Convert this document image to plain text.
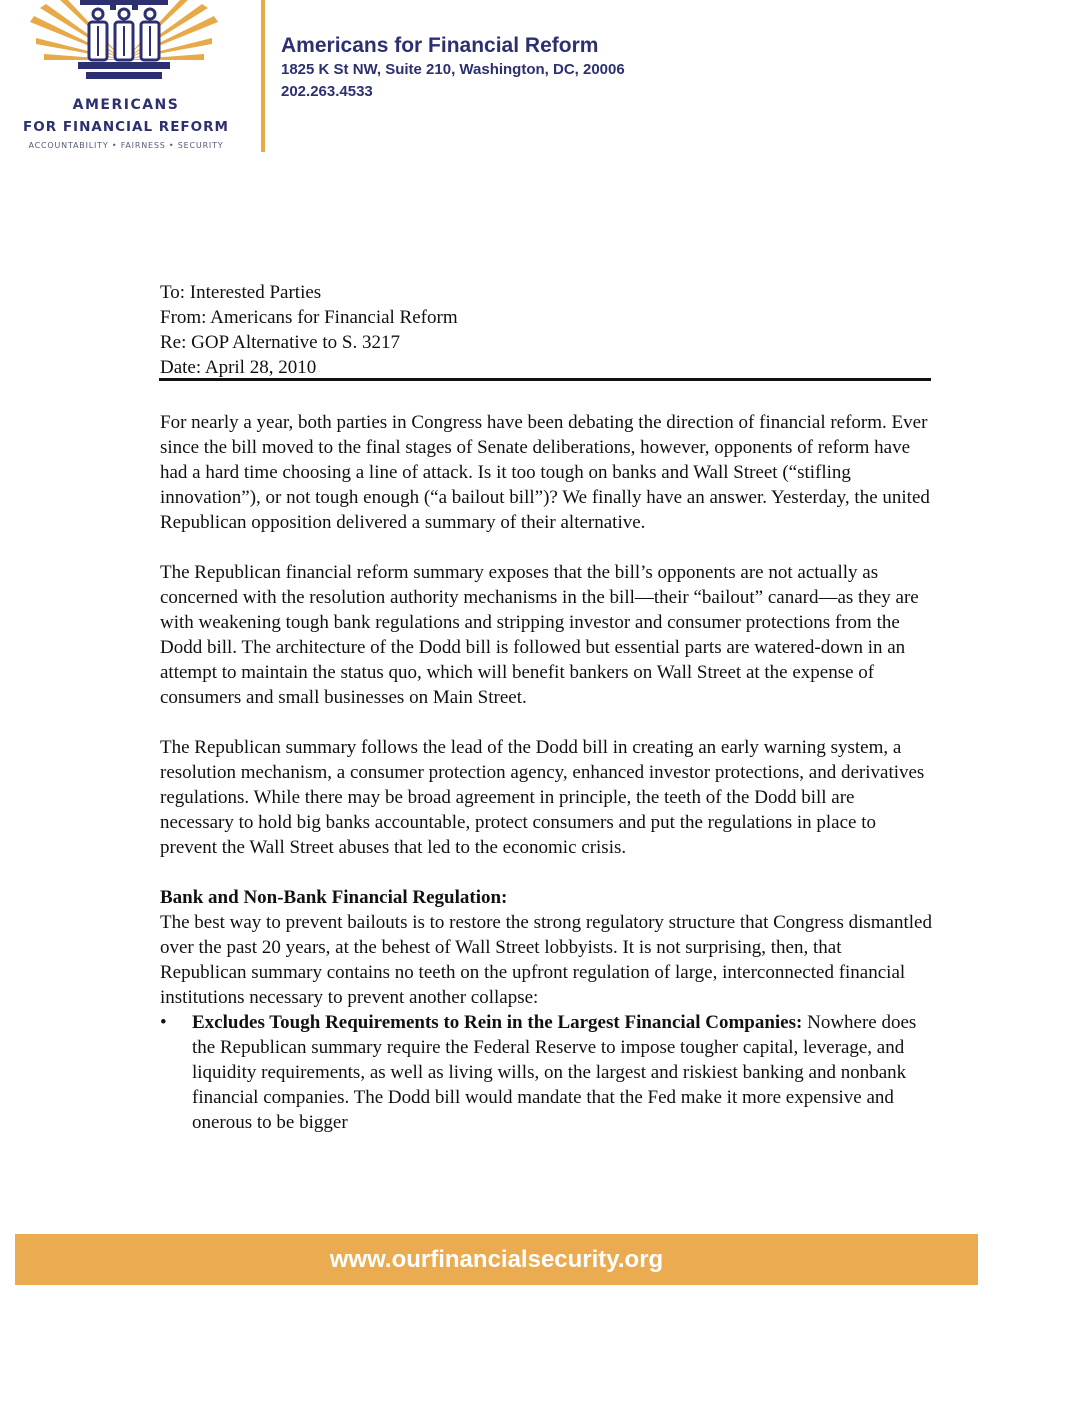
AMERICANS
FOR FINANCIAL REFORM
ACCOUNTABILITY • FAIRNESS • SECURITY
Americans for Financial Reform
1825 K St NW, Suite 210, Washington, DC, 20006
202.263.4533
To: Interested Parties
From: Americans for Financial Reform
Re: GOP Alternative to S. 3217
Date: April 28, 2010

For nearly a year, both parties in Congress have been debating the direction of financial reform. Ever since the bill moved to the final stages of Senate deliberations, however, opponents of reform have had a hard time choosing a line of attack. Is it too tough on banks and Wall Street (“stifling innovation”), or not tough enough (“a bailout bill”)? We finally have an answer. Yesterday, the united Republican opposition delivered a summary of their alternative.

The Republican financial reform summary exposes that the bill’s opponents are not actually as concerned with the resolution authority mechanisms in the bill—their “bailout” canard—as they are with weakening tough bank regulations and stripping investor and consumer protections from the Dodd bill. The architecture of the Dodd bill is followed but essential parts are watered-down in an attempt to maintain the status quo, which will benefit bankers on Wall Street at the expense of consumers and small businesses on Main Street.

The Republican summary follows the lead of the Dodd bill in creating an early warning system, a resolution mechanism, a consumer protection agency, enhanced investor protections, and derivatives regulations. While there may be broad agreement in principle, the teeth of the Dodd bill are necessary to hold big banks accountable, protect consumers and put the regulations in place to prevent the Wall Street abuses that led to the economic crisis.

Bank and Non-Bank Financial Regulation:
The best way to prevent bailouts is to restore the strong regulatory structure that Congress dismantled over the past 20 years, at the behest of Wall Street lobbyists. It is not surprising, then, that Republican summary contains no teeth on the upfront regulation of large, interconnected financial institutions necessary to prevent another collapse:
• Excludes Tough Requirements to Rein in the Largest Financial Companies: Nowhere does the Republican summary require the Federal Reserve to impose tougher capital, leverage, and liquidity requirements, as well as living wills, on the largest and riskiest banking and nonbank financial companies. The Dodd bill would mandate that the Fed make it more expensive and onerous to be bigger
www.ourfinancialsecurity.org
